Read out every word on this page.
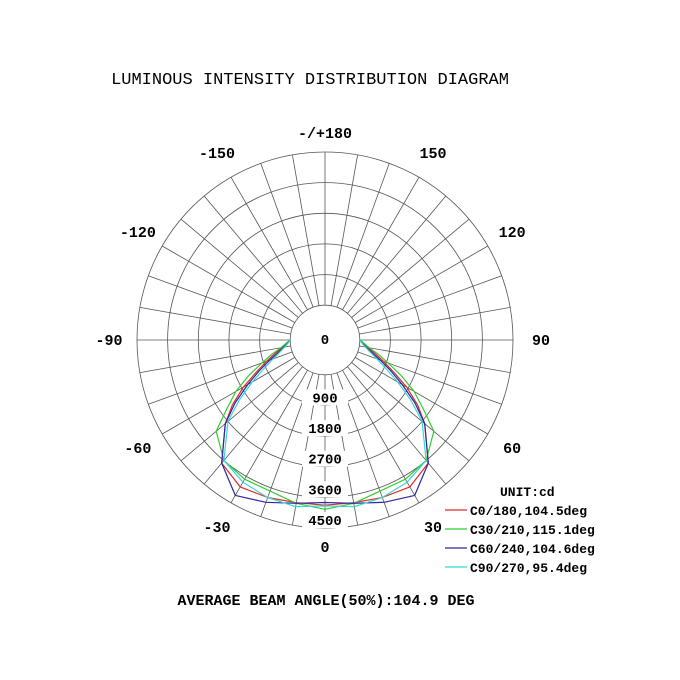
LUMINOUS INTENSITY DISTRIBUTION DIAGRAM
0
900
1800
2700
3600
4500
-/+180
150
-150
120
-120
90
-90
60
-60
30
-30
0
UNIT:cd
C0/180,104.5deg
C30/210,115.1deg
C60/240,104.6deg
C90/270,95.4deg
AVERAGE BEAM ANGLE(50%):104.9 DEG
